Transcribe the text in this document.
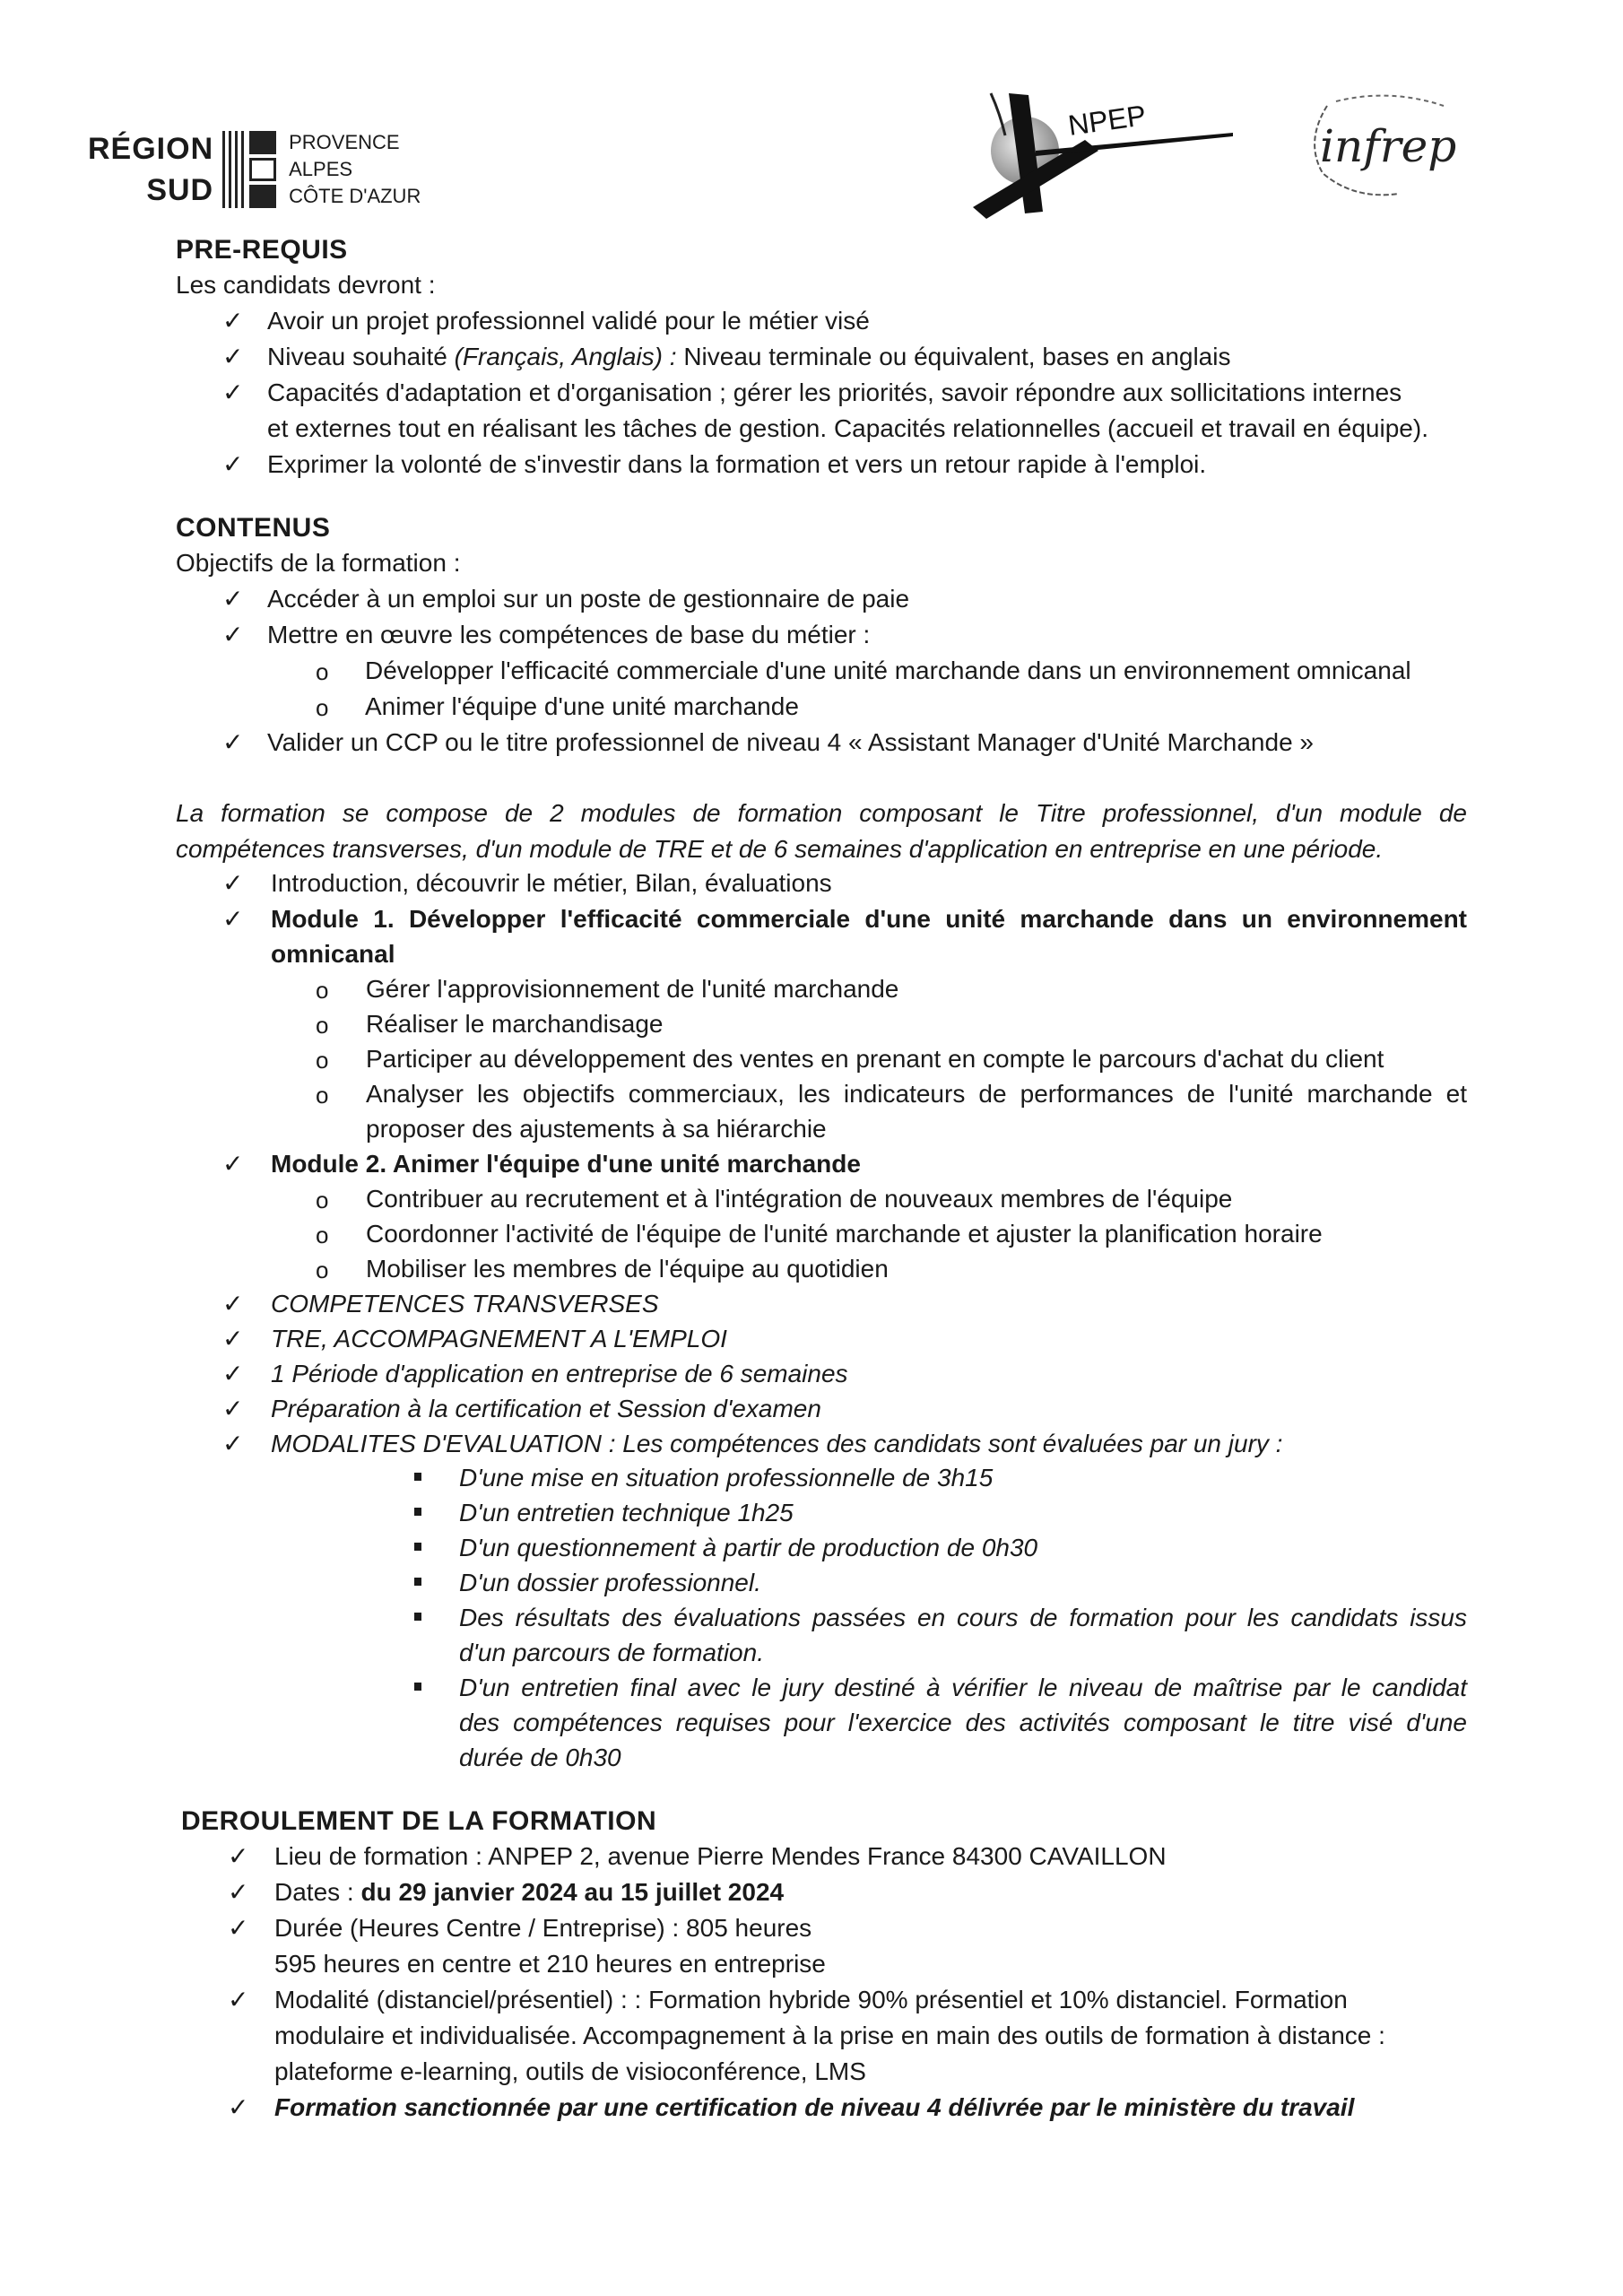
RÉGION
SUD
PROVENCE
ALPES
CÔTE D'AZUR
NPEP	infrep
PRE-REQUIS
Les candidats devront :
✓ Avoir un projet professionnel validé pour le métier visé
✓ Niveau souhaité (Français, Anglais) : Niveau terminale ou équivalent, bases en anglais
✓ Capacités d'adaptation et d'organisation ; gérer les priorités, savoir répondre aux sollicitations internes
et externes tout en réalisant les tâches de gestion. Capacités relationnelles (accueil et travail en équipe).
✓ Exprimer la volonté de s'investir dans la formation et vers un retour rapide à l'emploi.
CONTENUS
Objectifs de la formation :
✓ Accéder à un emploi sur un poste de gestionnaire de paie
✓ Mettre en œuvre les compétences de base du métier :
o Développer l'efficacité commerciale d'une unité marchande dans un environnement omnicanal
o Animer l'équipe d'une unité marchande
✓ Valider un CCP ou le titre professionnel de niveau 4 « Assistant Manager d'Unité Marchande »
La formation se compose de 2 modules de formation composant le Titre professionnel, d'un module de
compétences transverses, d'un module de TRE et de 6 semaines d'application en entreprise en une période.
✓ Introduction, découvrir le métier, Bilan, évaluations
✓ Module 1. Développer l'efficacité commerciale d'une unité marchande dans un environnement
omnicanal
o Gérer l'approvisionnement de l'unité marchande
o Réaliser le marchandisage
o Participer au développement des ventes en prenant en compte le parcours d'achat du client
o Analyser les objectifs commerciaux, les indicateurs de performances de l'unité marchande et
proposer des ajustements à sa hiérarchie
✓ Module 2. Animer l'équipe d'une unité marchande
o Contribuer au recrutement et à l'intégration de nouveaux membres de l'équipe
o Coordonner l'activité de l'équipe de l'unité marchande et ajuster la planification horaire
o Mobiliser les membres de l'équipe au quotidien
✓ COMPETENCES TRANSVERSES
✓ TRE, ACCOMPAGNEMENT A L'EMPLOI
✓ 1 Période d'application en entreprise de 6 semaines
✓ Préparation à la certification et Session d'examen
✓ MODALITES D'EVALUATION : Les compétences des candidats sont évaluées par un jury :
D'une mise en situation professionnelle de 3h15
D'un entretien technique 1h25
D'un questionnement à partir de production de 0h30
D'un dossier professionnel.
Des résultats des évaluations passées en cours de formation pour les candidats issus
d'un parcours de formation.
D'un entretien final avec le jury destiné à vérifier le niveau de maîtrise par le candidat
des compétences requises pour l'exercice des activités composant le titre visé d'une
durée de 0h30
DEROULEMENT DE LA FORMATION
✓ Lieu de formation : ANPEP 2, avenue Pierre Mendes France 84300 CAVAILLON
✓ Dates : du 29 janvier 2024 au 15 juillet 2024
✓ Durée (Heures Centre / Entreprise) : 805 heures
595 heures en centre et 210 heures en entreprise
✓ Modalité (distanciel/présentiel) : : Formation hybride 90% présentiel et 10% distanciel. Formation
modulaire et individualisée. Accompagnement à la prise en main des outils de formation à distance :
plateforme e-learning, outils de visioconférence, LMS
✓ Formation sanctionnée par une certification de niveau 4 délivrée par le ministère du travail
